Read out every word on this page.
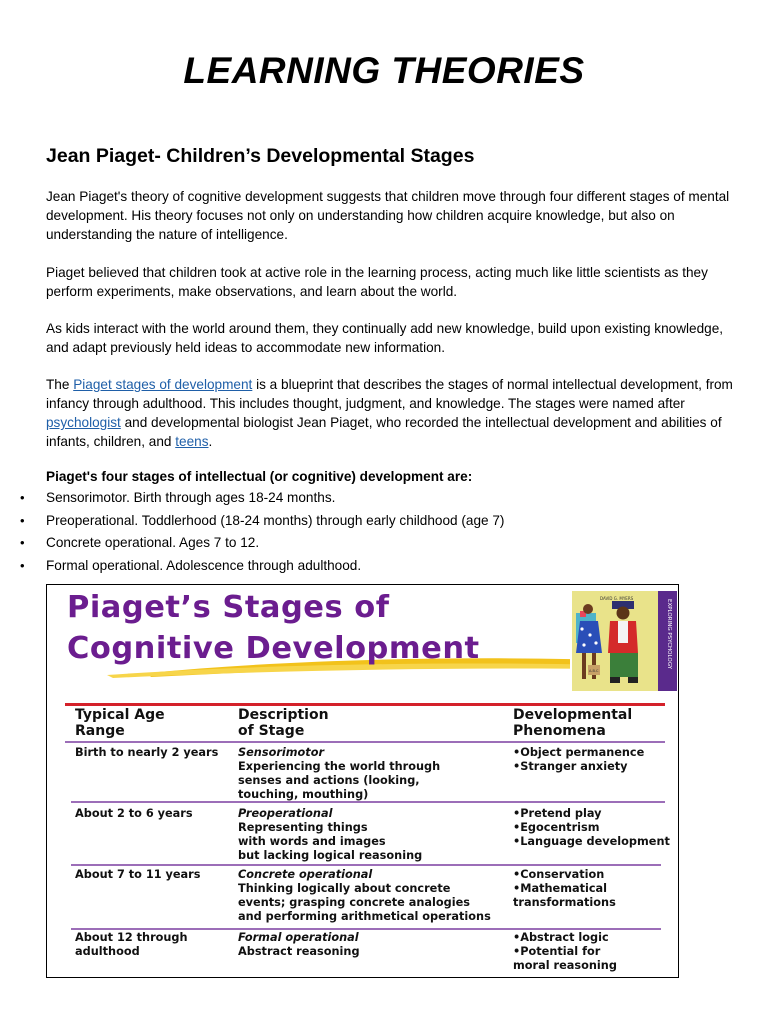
LEARNING THEORIES
Jean Piaget- Children’s Developmental Stages

Jean Piaget's theory of cognitive development suggests that children move through four different stages of mental development. His theory focuses not only on understanding how children acquire knowledge, but also on understanding the nature of intelligence.

Piaget believed that children took at active role in the learning process, acting much like little scientists as they perform experiments, make observations, and learn about the world.

As kids interact with the world around them, they continually add new knowledge, build upon existing knowledge, and adapt previously held ideas to accommodate new information.

The Piaget stages of development is a blueprint that describes the stages of normal intellectual development, from infancy through adulthood. This includes thought, judgment, and knowledge. The stages were named after psychologist and developmental biologist Jean Piaget, who recorded the intellectual development and abilities of infants, children, and teens.

Piaget's four stages of intellectual (or cognitive) development are:
• Sensorimotor. Birth through ages 18-24 months.
• Preoperational. Toddlerhood (18-24 months) through early childhood (age 7)
• Concrete operational. Ages 7 to 12.
• Formal operational. Adolescence through adulthood.
Piaget’s Stages of
Cognitive Development
DAVID G. MYERS
EXPLORING PSYCHOLOGY
A.B.C
Typical Age
Range
Description
of Stage
Developmental
Phenomena
Birth to nearly 2 years Sensorimotor
Experiencing the world through
senses and actions (looking,
touching, mouthing)
•Object permanence
•Stranger anxiety
About 2 to 6 years	Preoperational
Representing things
with words and images
but lacking logical reasoning
•Pretend play
•Egocentrism
•Language development
About 7 to 11 years	Concrete operational
Thinking logically about concrete
events; grasping concrete analogies
and performing arithmetical operations
•Conservation
•Mathematical
transformations
About 12 through
adulthood
Formal operational
Abstract reasoning
•Abstract logic
•Potential for
moral reasoning
